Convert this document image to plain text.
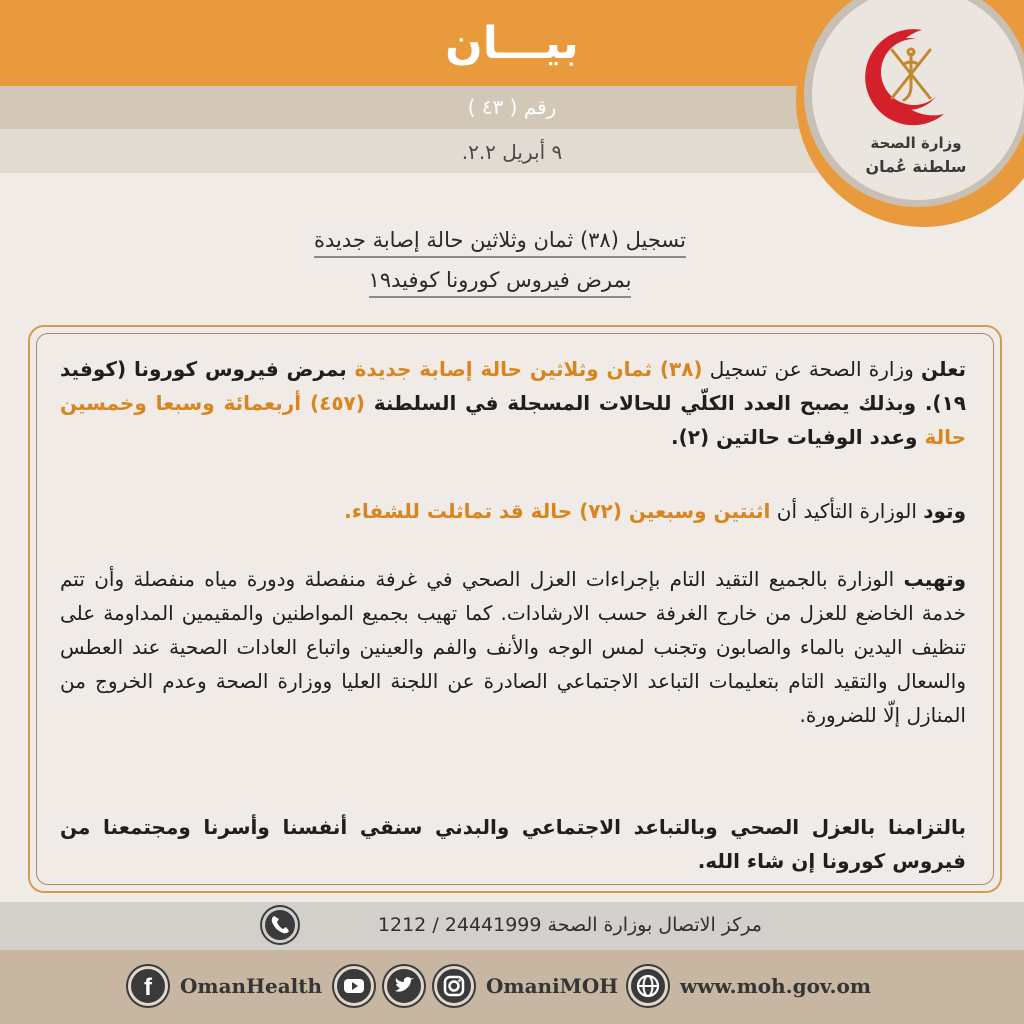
وزارة الصحة
سلطنة عُمان
بيـــان
رقم ( ٤٣ )
٩ أبريل ٢.٢.
تسجيل (٣٨) ثمان وثلاثين حالة إصابة جديدة
بمرض فيروس كورونا كوفيد١٩
تعلن وزارة الصحة عن تسجيل (٣٨) ثمان وثلاثين حالة إصابة جديدة بمرض فيروس كورونا (كوفيد ١٩). وبذلك يصبح العدد الكلّي للحالات المسجلة في السلطنة (٤٥٧) أربعمائة وسبعا وخمسين حالة وعدد الوفيات حالتين (٢).
وتود الوزارة التأكيد أن اثنتين وسبعين (٧٢) حالة قد تماثلت للشفاء.
وتهيب الوزارة بالجميع التقيد التام بإجراءات العزل الصحي في غرفة منفصلة ودورة مياه منفصلة وأن تتم خدمة الخاضع للعزل من خارج الغرفة حسب الارشادات. كما تهيب بجميع المواطنين والمقيمين المداومة على تنظيف اليدين بالماء والصابون وتجنب لمس الوجه والأنف والفم والعينين واتباع العادات الصحية عند العطس والسعال والتقيد التام بتعليمات التباعد الاجتماعي الصادرة عن اللجنة العليا ووزارة الصحة وعدم الخروج من المنازل إلّا للضرورة.
بالتزامنا بالعزل الصحي وبالتباعد الاجتماعي والبدني سنقي أنفسنا وأسرنا ومجتمعنا من فيروس كورونا إن شاء الله.
مركز الاتصال بوزارة الصحة 24441999 / 1212
f OmanHealth	OmaniMOH	www.moh.gov.om
